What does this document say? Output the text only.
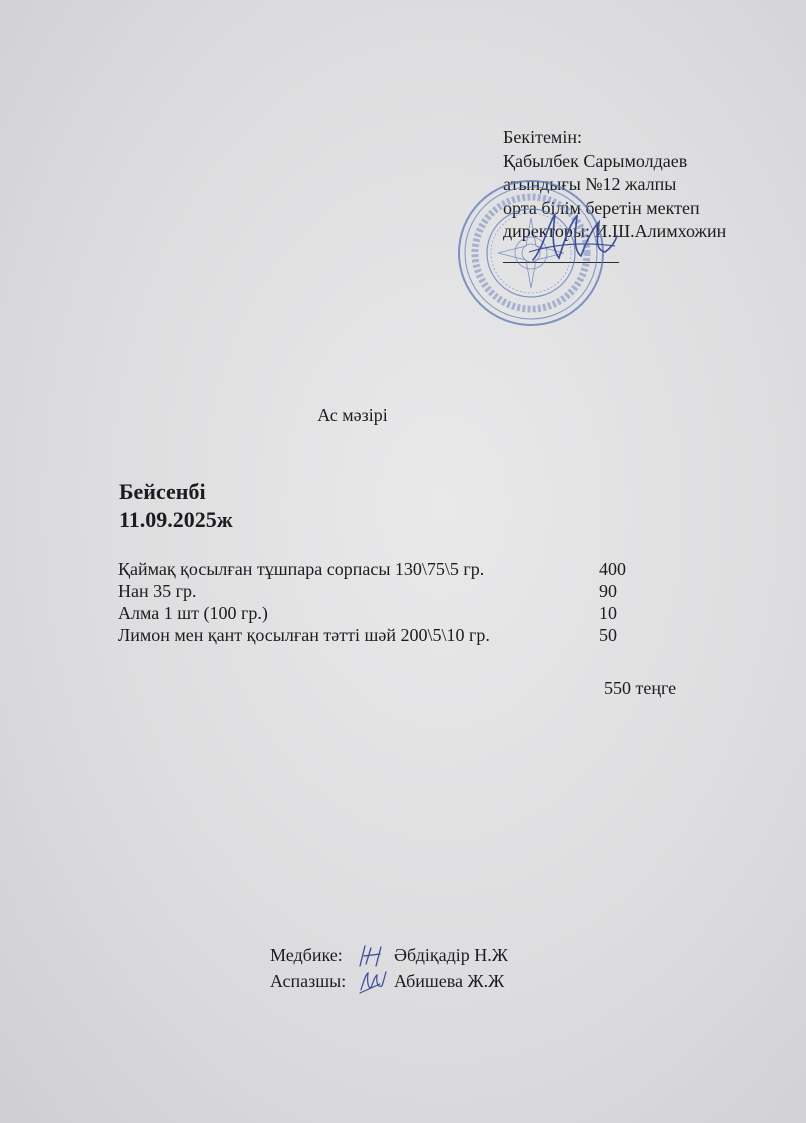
Бекітемін:
Қабылбек Сарымолдаев
атындығы №12 жалпы
орта білім беретін мектеп
директоры: И.Ш.Алимхожин
Ас мәзірі
Бейсенбі
11.09.2025ж
Қаймақ қосылған тұшпара сорпасы 130\75\5 гр.	400
Нан 35 гр.	90
Алма 1 шт (100 гр.)	10
Лимон мен қант қосылған тәтті шәй 200\5\10 гр.	50
550 теңге
Медбике:	Әбдіқадір Н.Ж
Аспазшы:	Абишева Ж.Ж
